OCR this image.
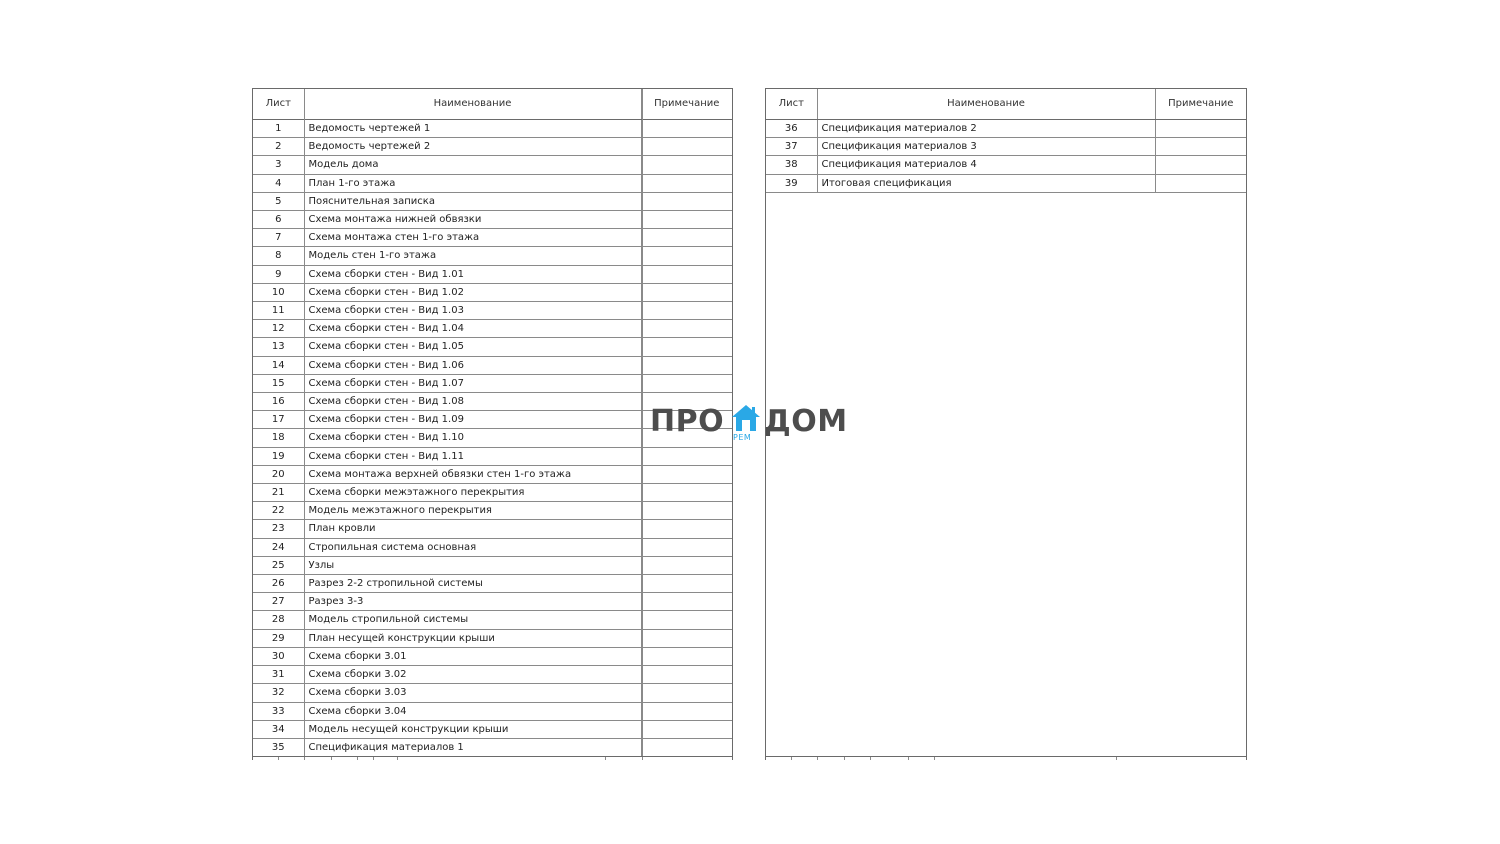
Лист	Наименование	Примечание
1	Ведомость чертежей 1	
2	Ведомость чертежей 2	
3	Модель дома	
4	План 1-го этажа	
5	Пояснительная записка	
6	Схема монтажа нижней обвязки	
7	Схема монтажа стен 1-го этажа	
8	Модель стен 1-го этажа	
9	Схема сборки стен - Вид 1.01	
10	Схема сборки стен - Вид 1.02	
11	Схема сборки стен - Вид 1.03	
12	Схема сборки стен - Вид 1.04	
13	Схема сборки стен - Вид 1.05	
14	Схема сборки стен - Вид 1.06	
15	Схема сборки стен - Вид 1.07	
16	Схема сборки стен - Вид 1.08	
17	Схема сборки стен - Вид 1.09	
18	Схема сборки стен - Вид 1.10	
19	Схема сборки стен - Вид 1.11	
20	Схема монтажа верхней обвязки стен 1-го этажа	
21	Схема сборки межэтажного перекрытия	
22	Модель межэтажного перекрытия	
23	План кровли	
24	Стропильная система основная	
25	Узлы	
26	Разрез 2-2 стропильной системы	
27	Разрез 3-3	
28	Модель стропильной системы	
29	План несущей конструкции крыши	
30	Схема сборки 3.01	
31	Схема сборки 3.02	
32	Схема сборки 3.03	
33	Схема сборки 3.04	
34	Модель несущей конструкции крыши	
35	Спецификация материалов 1	
Лист	Наименование	Примечание
36	Спецификация материалов 2	
37	Спецификация материалов 3	
38	Спецификация материалов 4	
39	Итоговая спецификация	
ПРО РЕМ ДОМ
